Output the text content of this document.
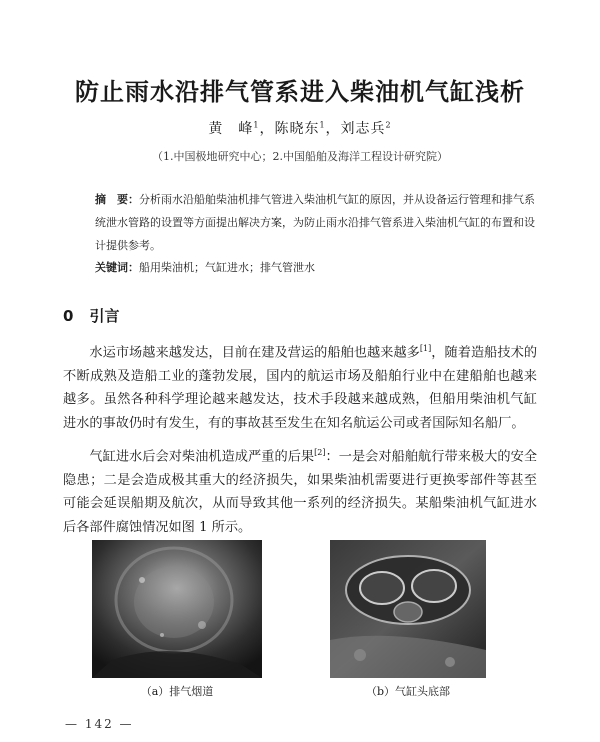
防止雨水沿排气管系进入柴油机气缸浅析
黄　峰$^1$，陈晓东$^1$，刘志兵$^2$
（1.中国极地研究中心；2.中国船舶及海洋工程设计研究院）
摘　要：分析雨水沿船舶柴油机排气管进入柴油机气缸的原因，并从设备运行管理和排气系统泄水管路的设置等方面提出解决方案，为防止雨水沿排气管系进入柴油机气缸的布置和设计提供参考。
关键词：船用柴油机；气缸进水；排气管泄水
0 引言

水运市场越来越发达，目前在建及营运的船舶也越来越多[1]，随着造船技术的不断成熟及造船工业的蓬勃发展，国内的航运市场及船舶行业中在建船舶也越来越多。虽然各种科学理论越来越发达，技术手段越来越成熟，但船用柴油机气缸进水的事故仍时有发生，有的事故甚至发生在知名航运公司或者国际知名船厂。

气缸进水后会对柴油机造成严重的后果[2]：一是会对船舶航行带来极大的安全隐患；二是会造成极其重大的经济损失，如果柴油机需要进行更换零部件等甚至可能会延误船期及航次，从而导致其他一系列的经济损失。某船柴油机气缸进水后各部件腐蚀情况如图 1 所示。

（a）排气烟道	（b）气缸头底部
— 142 —
